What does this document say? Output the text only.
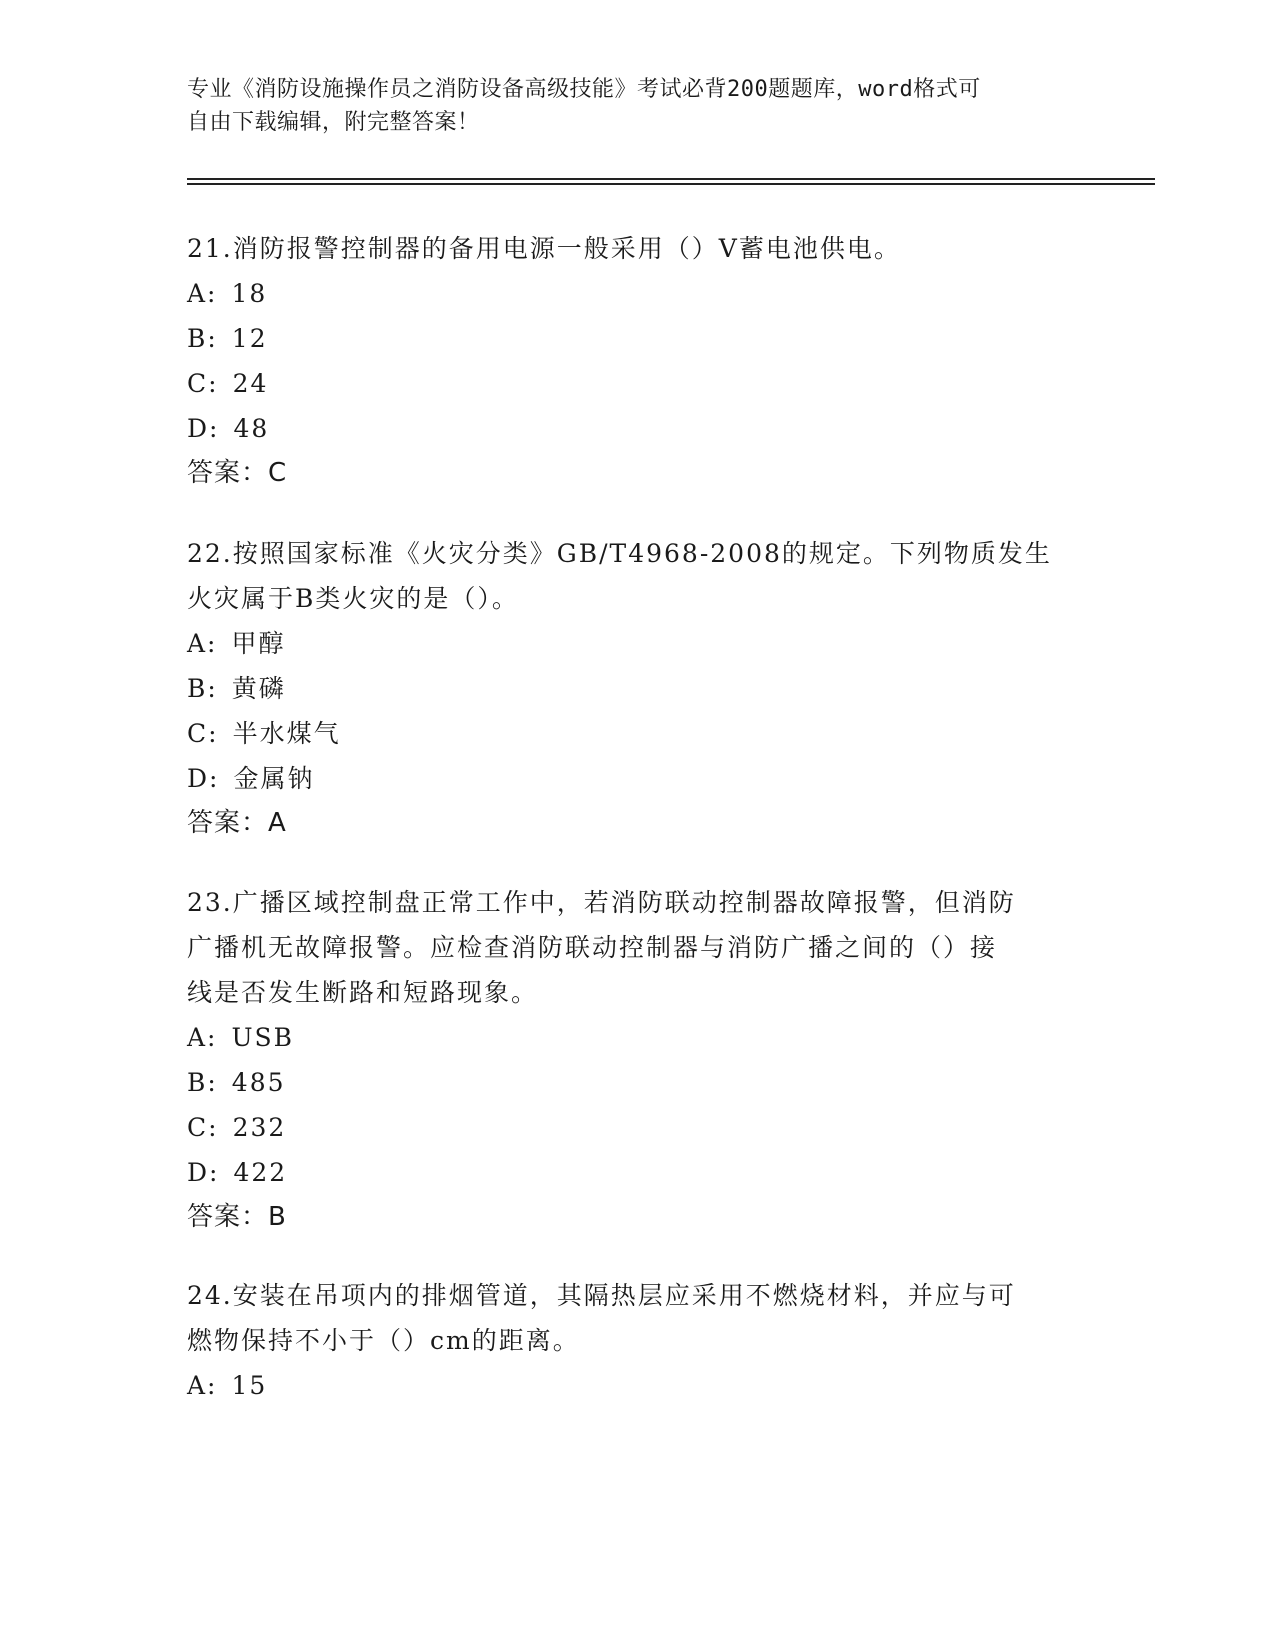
专业《消防设施操作员之消防设备高级技能》考试必背200题题库，word格式可
自由下载编辑，附完整答案！
21.消防报警控制器的备用电源一般采用（）V蓄电池供电。
A: 18
B: 12
C: 24
D: 48
答案：C
22.按照国家标准《火灾分类》GB/T4968-2008的规定。下列物质发生
火灾属于B类火灾的是（）。
A: 甲醇
B: 黄磷
C: 半水煤气
D: 金属钠
答案：A
23.广播区域控制盘正常工作中，若消防联动控制器故障报警，但消防
广播机无故障报警。应检查消防联动控制器与消防广播之间的（）接
线是否发生断路和短路现象。
A: USB
B: 485
C: 232
D: 422
答案：B
24.安装在吊项内的排烟管道，其隔热层应采用不燃烧材料，并应与可
燃物保持不小于（）cm的距离。
A: 15
